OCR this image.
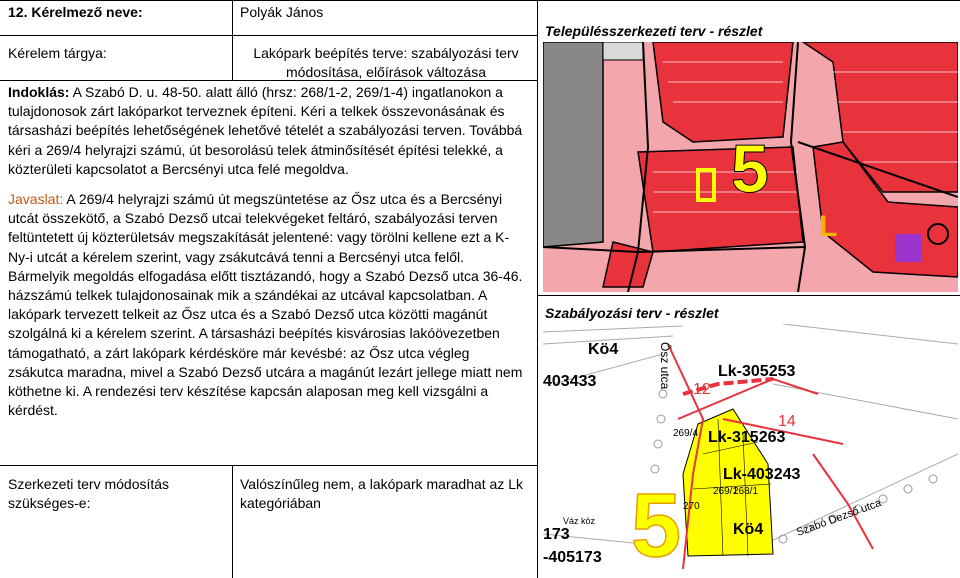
12. Kérelmező neve:	Polyák János
Kérelem tárgya:	Lakópark beépítés terve: szabályozási terv módosítása, előírások változása
Indoklás: A Szabó D. u. 48-50. alatt álló (hrsz: 268/1-2, 269/1-4) ingatlanokon a tulajdonosok zárt lakóparkot terveznek építeni. Kéri a telkek összevonásának és társasházi beépítés lehetőségének lehetővé tételét a szabályozási terven. Továbbá kéri a 269/4 helyrajzi számú, út besorolású telek átminősítését építési telekké, a közterületi kapcsolatot a Bercsényi utca felé megoldva.
Javaslat: A 269/4 helyrajzi számú út megszüntetése az Ősz utca és a Bercsényi utcát összekötő, a Szabó Dezső utcai telekvégeket feltáró, szabályozási terven feltüntetett új közterületsáv megszakítását jelentené: vagy törölni kellene ezt a K-Ny-i utcát a kérelem szerint, vagy zsákutcává tenni a Bercsényi utca felől. Bármelyik megoldás elfogadása előtt tisztázandó, hogy a Szabó Dezső utca 36-46. házszámú telkek tulajdonosainak mik a szándékai az utcával kapcsolatban. A lakópark tervezett telkeit az Ősz utca és a Szabó Dezső utca közötti magánút szolgálná ki a kérelem szerint. A társasházi beépítés kisvárosias lakóövezetben támogatható, a zárt lakópark kérdésköre már kevésbé: az Ősz utca végleg zsákutca maradna, mivel a Szabó Dezső utcára a magánút lezárt jellege miatt nem köthetne ki. A rendezési terv készítése kapcsán alaposan meg kell vizsgálni a kérdést.
Szerkezeti terv módosítás szükséges-e:
Valószínűleg nem, a lakópark maradhat az Lk kategóriában
Településszerkezeti terv - részlet
5
L
Szabályozási terv - részlet
5
Kö4
403433
Lk-305253
Lk-315263
Lk-403243
Kö4
173
-405173
269/4
269/1
268/1
270
Váz köz
12
14
Ősz utca
Szabó Dezső utca
